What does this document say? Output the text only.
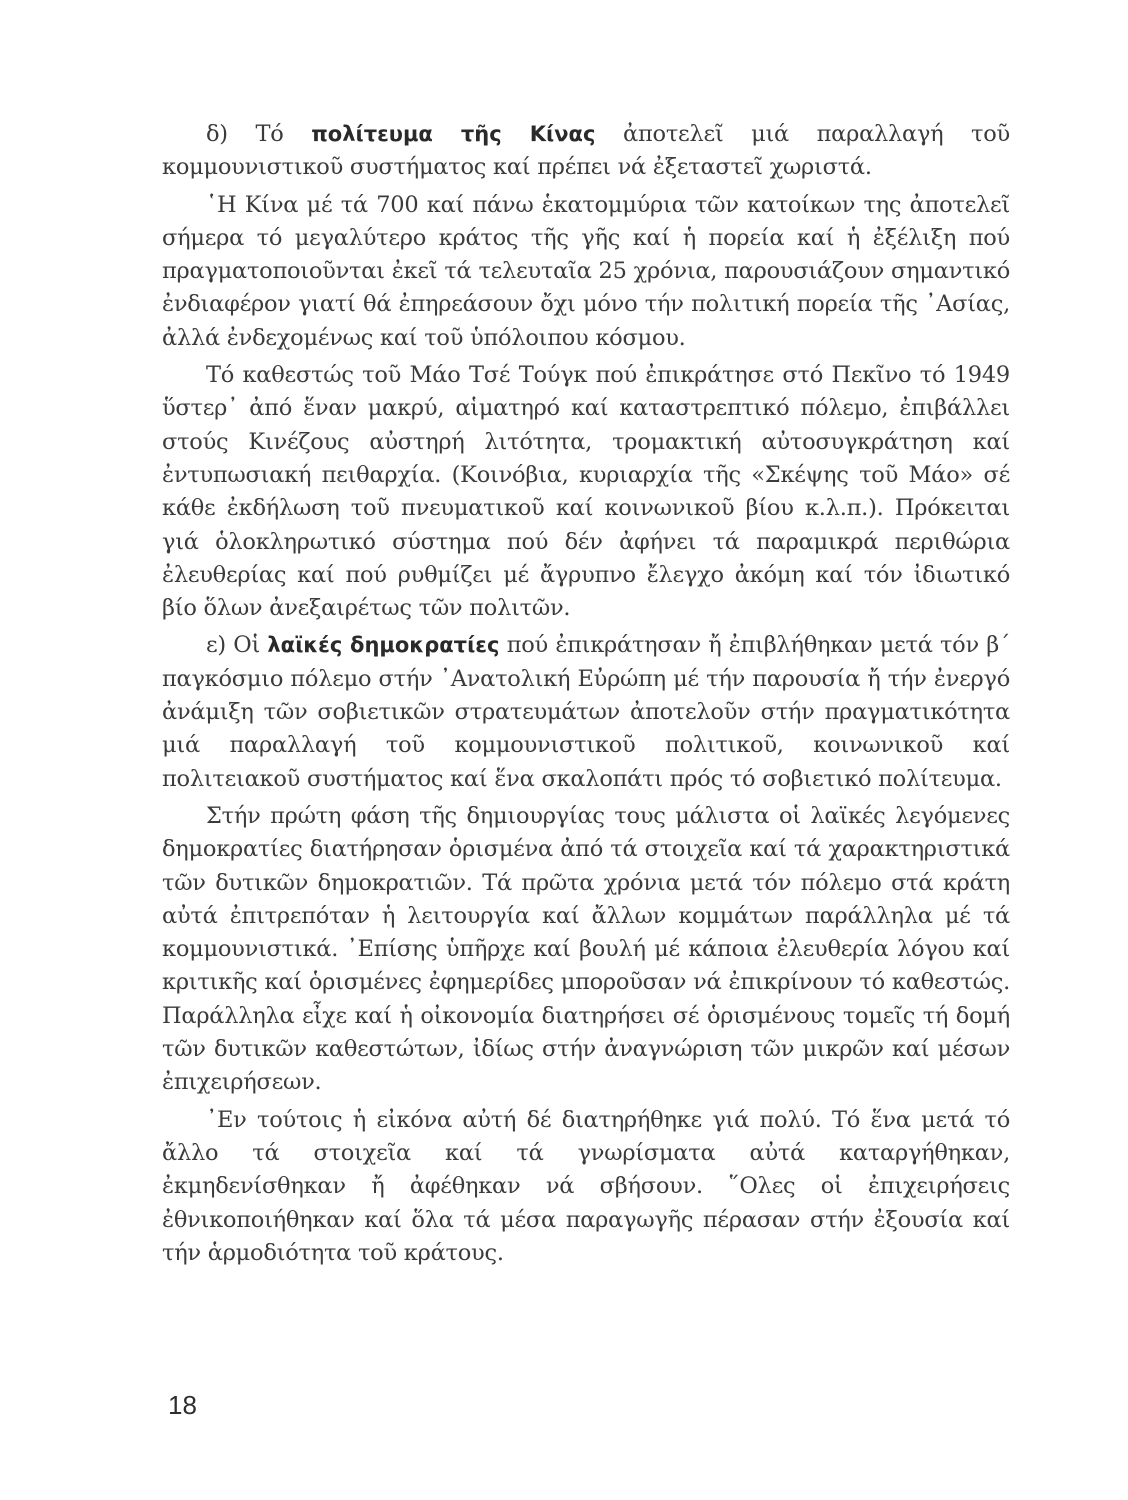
δ) Τό πολίτευμα τῆς Κίνας ἀποτελεῖ μιά παραλλαγή τοῦ κομμουνιστικοῦ συστήματος καί πρέπει νά ἐξεταστεῖ χωριστά.

῾Η Κίνα μέ τά 700 καί πάνω ἑκατομμύρια τῶν κατοίκων της ἀποτελεῖ σήμερα τό μεγαλύτερο κράτος τῆς γῆς καί ἡ πορεία καί ἡ ἐξέλιξη πού πραγματοποιοῦνται ἐκεῖ τά τελευταῖα 25 χρόνια, παρουσιάζουν σημαντικό ἐνδιαφέρον γιατί θά ἐπηρεάσουν ὄχι μόνο τήν πολιτική πορεία τῆς ᾿Ασίας, ἀλλά ἐνδεχομένως καί τοῦ ὑπόλοιπου κόσμου.

Τό καθεστώς τοῦ Μάο Τσέ Τούγκ πού ἐπικράτησε στό Πεκῖνο τό 1949 ὕστερ᾿ ἀπό ἕναν μακρύ, αἱματηρό καί καταστρεπτικό πόλεμο, ἐπιβάλλει στούς Κινέζους αὐστηρή λιτότητα, τρομακτική αὐτοσυγκράτηση καί ἐντυπωσιακή πειθαρχία. (Κοινόβια, κυριαρχία τῆς «Σκέψης τοῦ Μάο» σέ κάθε ἐκδήλωση τοῦ πνευματικοῦ καί κοινωνικοῦ βίου κ.λ.π.). Πρόκειται γιά ὁλοκληρωτικό σύστημα πού δέν ἀφήνει τά παραμικρά περιθώρια ἐλευθερίας καί πού ρυθμίζει μέ ἄγρυπνο ἔλεγχο ἀκόμη καί τόν ἰδιωτικό βίο ὅλων ἀνεξαιρέτως τῶν πολιτῶν.

ε) Οἱ λαϊκές δημοκρατίες πού ἐπικράτησαν ἤ ἐπιβλήθηκαν μετά τόν β΄ παγκόσμιο πόλεμο στήν ᾿Ανατολική Εὐρώπη μέ τήν παρουσία ἤ τήν ἐνεργό ἀνάμιξη τῶν σοβιετικῶν στρατευμάτων ἀποτελοῦν στήν πραγματικότητα μιά παραλλαγή τοῦ κομμουνιστικοῦ πολιτικοῦ, κοινωνικοῦ καί πολιτειακοῦ συστήματος καί ἕνα σκαλοπάτι πρός τό σοβιετικό πολίτευμα.

Στήν πρώτη φάση τῆς δημιουργίας τους μάλιστα οἱ λαϊκές λεγόμενες δημοκρατίες διατήρησαν ὁρισμένα ἀπό τά στοιχεῖα καί τά χαρακτηριστικά τῶν δυτικῶν δημοκρατιῶν. Τά πρῶτα χρόνια μετά τόν πόλεμο στά κράτη αὐτά ἐπιτρεπόταν ἡ λειτουργία καί ἄλλων κομμάτων παράλληλα μέ τά κομμουνιστικά. ᾿Επίσης ὑπῆρχε καί βουλή μέ κάποια ἐλευθερία λόγου καί κριτικῆς καί ὁρισμένες ἐφημερίδες μποροῦσαν νά ἐπικρίνουν τό καθεστώς. Παράλληλα εἶχε καί ἡ οἰκονομία διατηρήσει σέ ὁρισμένους τομεῖς τή δομή τῶν δυτικῶν καθεστώτων, ἰδίως στήν ἀναγνώριση τῶν μικρῶν καί μέσων ἐπιχειρήσεων.

᾿Εν τούτοις ἡ εἰκόνα αὐτή δέ διατηρήθηκε γιά πολύ. Τό ἕνα μετά τό ἄλλο τά στοιχεῖα καί τά γνωρίσματα αὐτά καταργήθηκαν, ἐκμηδενίσθηκαν ἤ ἀφέθηκαν νά σβήσουν. ῞Ολες οἱ ἐπιχειρήσεις ἐθνικοποιήθηκαν καί ὅλα τά μέσα παραγωγῆς πέρασαν στήν ἐξουσία καί τήν ἁρμοδιότητα τοῦ κράτους.

18
